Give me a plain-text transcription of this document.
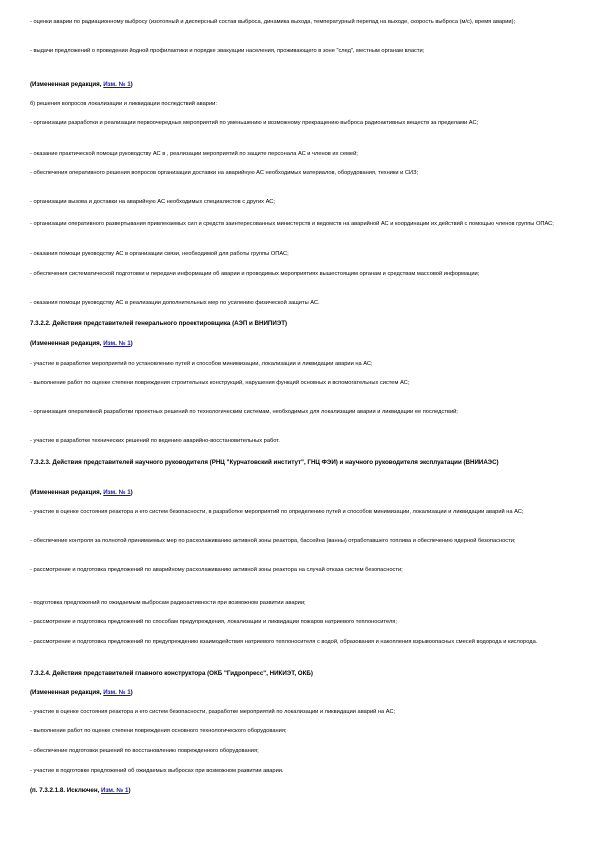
- оценки аварии по радиационному выбросу (изотопный и дисперсный состав выброса, динамика выхода, температурный перепад на выходе, скорость выброса (м/с), время аварии);

- выдачи предложений о проведении йодной профилактики и порядке эвакуации населения, проживающего в зоне "след", местным органам власти;

(Измененная редакция, Изм. № 1)

б) решения вопросов локализации и ликвидации последствий аварии:

- организации разработки и реализации первоочередных мероприятий по уменьшению и возможному прекращению выброса радиоактивных веществ за пределами АС;

- оказание практической помощи руководству АС в , реализации мероприятий по защите персонала АС и членов их семей;

- обеспечения оперативного решения вопросов организации доставки на аварийную АС необходимых материалов, оборудования, техники и СИЗ;

- организации вызова и доставки на аварийную АС необходимых специалистов с других АС;

- организации оперативного развертывания привлекаемых сил и средств заинтересованных министерств и ведомств на аварийной АС и координации их действий с помощью членов группы ОПАС;

- оказания помощи руководству АС в организации связи, необходимой для работы группы ОПАС;

- обеспечения систематической подготовки и передачи информации об аварии и проводимых мероприятиях вышестоящим органам и средствам массовой информации;

- оказания помощи руководству АС в реализации дополнительных мер по усилению физической защиты АС.

7.3.2.2. Действия представителей генерального проектировщика (АЭП и ВНИПИЭТ)

(Измененная редакция, Изм. № 1)

- участие в разработке мероприятий по установлению путей и способов минимизации, локализации и ликвидации аварии на АС;

- выполнение работ по оценке степени повреждения строительных конструкций, нарушения функций основных и вспомогательных систем АС;

- организация оперативной разработки проектных решений по технологическим системам, необходимых для локализации аварии и ликвидации ее последствий;

- участие в разработке технических решений по ведению аварийно-восстановительных работ.

7.3.2.3. Действия представителей научного руководителя (РНЦ "Курчатовский институт", ГНЦ ФЭИ) и научного руководителя эксплуатации (ВНИИАЭС)

(Измененная редакция, Изм. № 1)

- участие в оценке состояния реактора и его систем безопасности, в разработке мероприятий по определению путей и способов минимизации, локализации и ликвидации аварий на АС;

- обеспечение контроля за полнотой принимаемых мер по расхолаживанию активной зоны реактора, бассейна (ванны) отработавшего топлива и обеспечению ядерной безопасности;

- рассмотрение и подготовка предложений по аварийному расхолаживанию активной зоны реактора на случай отказа систем безопасности;

- подготовка предложений по ожидаемым выбросам радиоактивности при возможном развитии аварии;

- рассмотрение и подготовка предложений по способам предупреждения, локализации и ликвидации пожаров натриевого теплоносителя;

- рассмотрение и подготовка предложений по предупреждению взаимодействия натриевого теплоносителя с водой, образования и накопления взрывоопасных смесей водорода и кислорода.

7.3.2.4. Действия представителей главного конструктора (ОКБ "Гидропресс", НИКИЭТ, ОКБ)

(Измененная редакция, Изм. № 1)

- участие в оценке состояния реактора и его систем безопасности, разработке мероприятий по локализации и ликвидации аварий на АС;

- выполнение работ по оценке степени повреждения основного технологического оборудования;

- обеспечение подготовки решений по восстановлению поврежденного оборудования;

- участие в подготовке предложений об ожидаемых выбросах при возможном развитии аварии.

(п. 7.3.2.1.8. Исключен, Изм. № 1)
